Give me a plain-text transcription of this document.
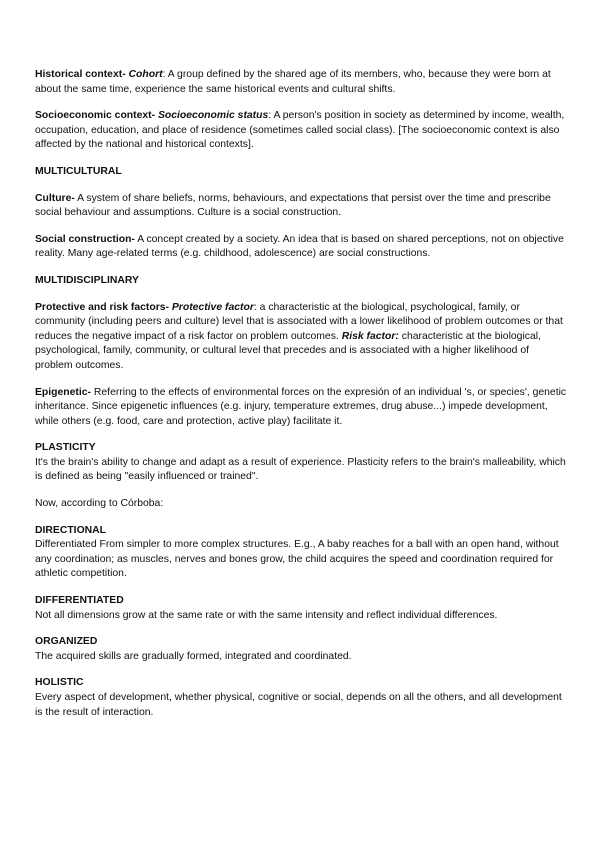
Historical context- Cohort: A group defined by the shared age of its members, who, because they were born at about the same time, experience the same historical events and cultural shifts.

Socioeconomic context- Socioeconomic status: A person's position in society as determined by income, wealth, occupation, education, and place of residence (sometimes called social class). [The socioeconomic context is also affected by the national and historical contexts].

MULTICULTURAL

Culture- A system of share beliefs, norms, behaviours, and expectations that persist over the time and prescribe social behaviour and assumptions. Culture is a social construction.

Social construction- A concept created by a society. An idea that is based on shared perceptions, not on objective reality. Many age-related terms (e.g. childhood, adolescence) are social constructions.

MULTIDISCIPLINARY

Protective and risk factors- Protective factor: a characteristic at the biological, psychological, family, or community (including peers and culture) level that is associated with a lower likelihood of problem outcomes or that reduces the negative impact of a risk factor on problem outcomes. Risk factor: characteristic at the biological, psychological, family, community, or cultural level that precedes and is associated with a higher likelihood of problem outcomes.

Epigenetic- Referring to the effects of environmental forces on the expresión of an individual 's, or species', genetic inheritance. Since epigenetic influences (e.g. injury, temperature extremes, drug abuse...) impede development, while others (e.g. food, care and protection, active play) facilitate it.

PLASTICITY

It's the brain's ability to change and adapt as a result of experience. Plasticity refers to the brain's malleability, which is defined as being "easily influenced or trained".

Now, according to Córboba:

DIRECTIONAL

Differentiated From simpler to more complex structures. E.g., A baby reaches for a ball with an open hand, without any coordination; as muscles, nerves and bones grow, the child acquires the speed and coordination required for athletic competition.

DIFFERENTIATED

Not all dimensions grow at the same rate or with the same intensity and reflect individual differences.

ORGANIZED

The acquired skills are gradually formed, integrated and coordinated.

HOLISTIC

Every aspect of development, whether physical, cognitive or social, depends on all the others, and all development is the result of interaction.
